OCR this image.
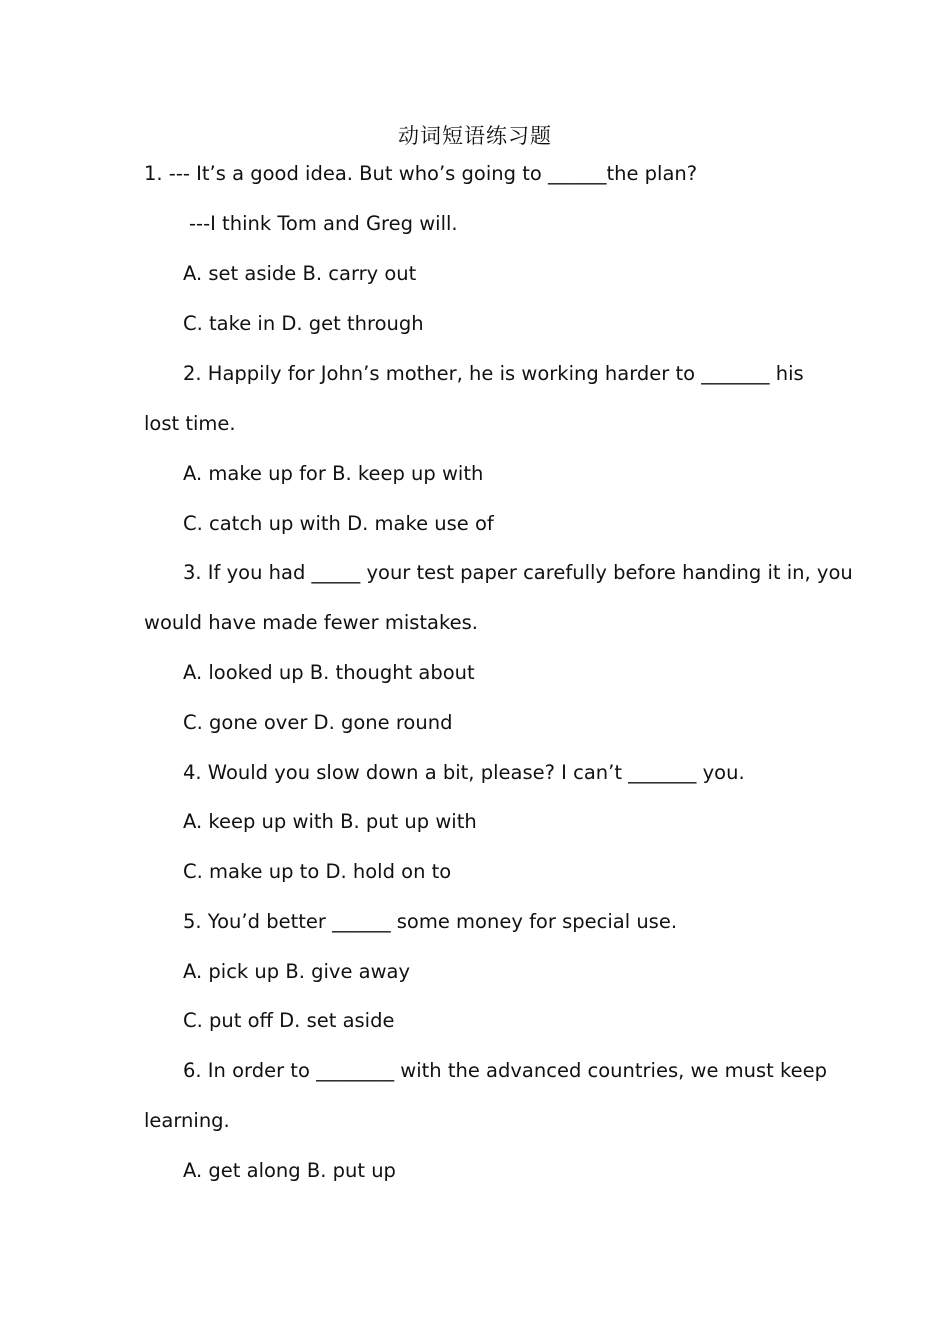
动词短语练习题
1. --- It’s a good idea. But who’s going to ______the plan?
---I think Tom and Greg will.
A. set aside B. carry out
C. take in D. get through
2. Happily for John’s mother, he is working harder to _______ his
lost time.
A. make up for B. keep up with
C. catch up with D. make use of
3. If you had _____ your test paper carefully before handing it in, you
would have made fewer mistakes.
A. looked up B. thought about
C. gone over D. gone round
4. Would you slow down a bit, please? I can’t _______ you.
A. keep up with B. put up with
C. make up to D. hold on to
5. You’d better ______ some money for special use.
A. pick up B. give away
C. put off D. set aside
6. In order to ________ with the advanced countries, we must keep
learning.
A. get along B. put up
